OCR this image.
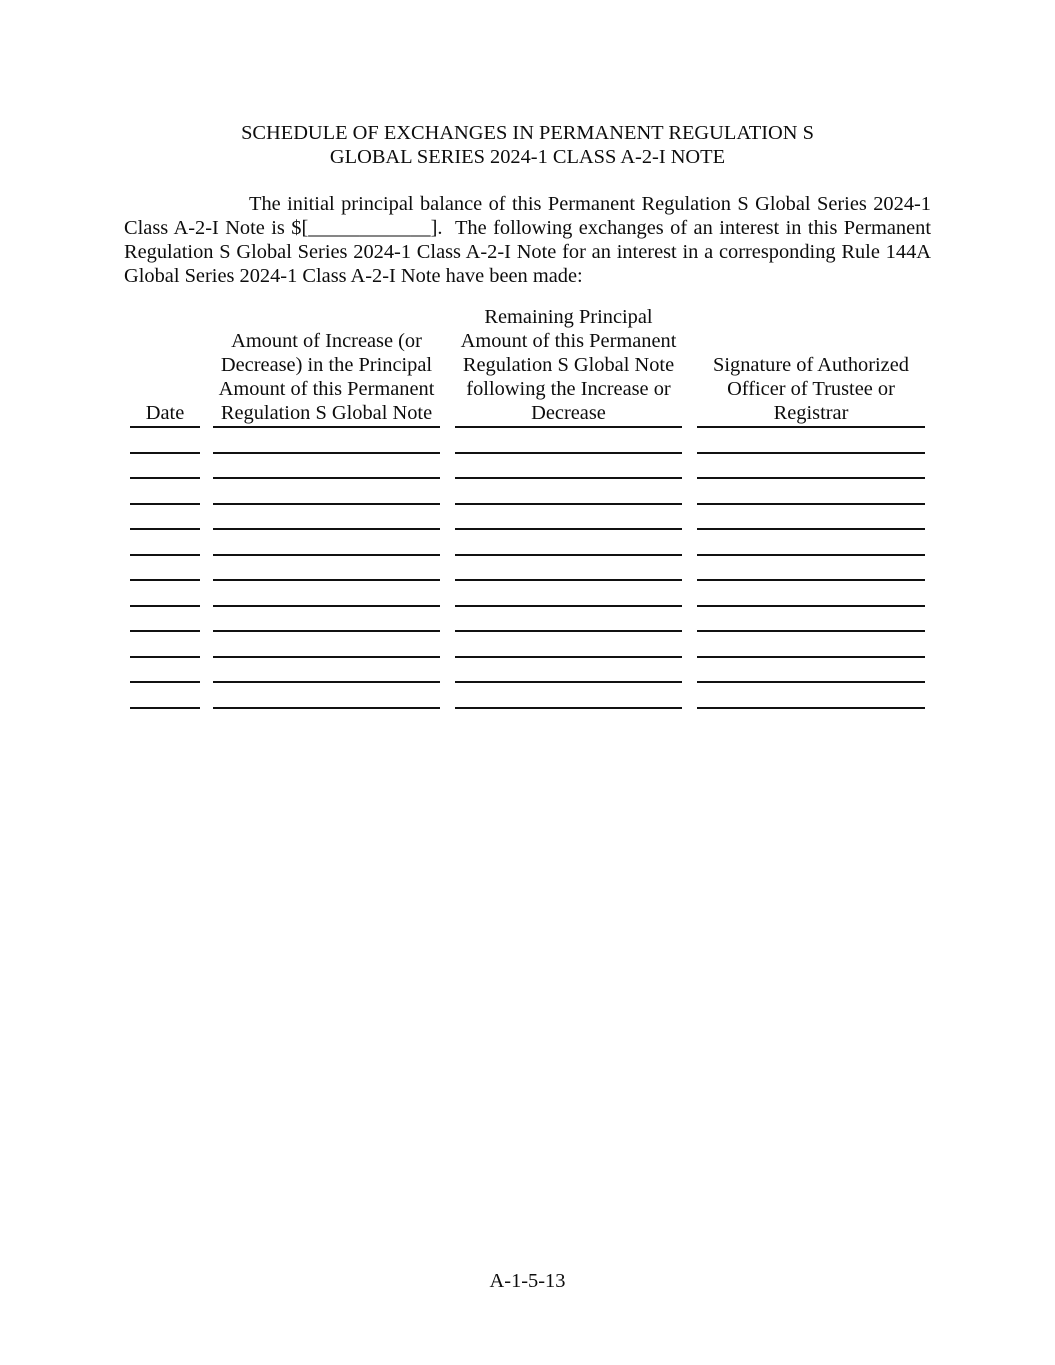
SCHEDULE OF EXCHANGES IN PERMANENT REGULATION S
GLOBAL SERIES 2024-1 CLASS A-2-I NOTE
The initial principal balance of this Permanent Regulation S Global Series 2024-1
Class A-2-I Note is $[____________].  The following exchanges of an interest in this Permanent
Regulation S Global Series 2024-1 Class A-2-I Note for an interest in a corresponding Rule 144A
Global Series 2024-1 Class A-2-I Note have been made:
Date
Amount of Increase (or
Decrease) in the Principal
Amount of this Permanent
Regulation S Global Note
Remaining Principal
Amount of this Permanent
Regulation S Global Note
following the Increase or
Decrease
Signature of Authorized
Officer of Trustee or
Registrar
A-1-5-13
